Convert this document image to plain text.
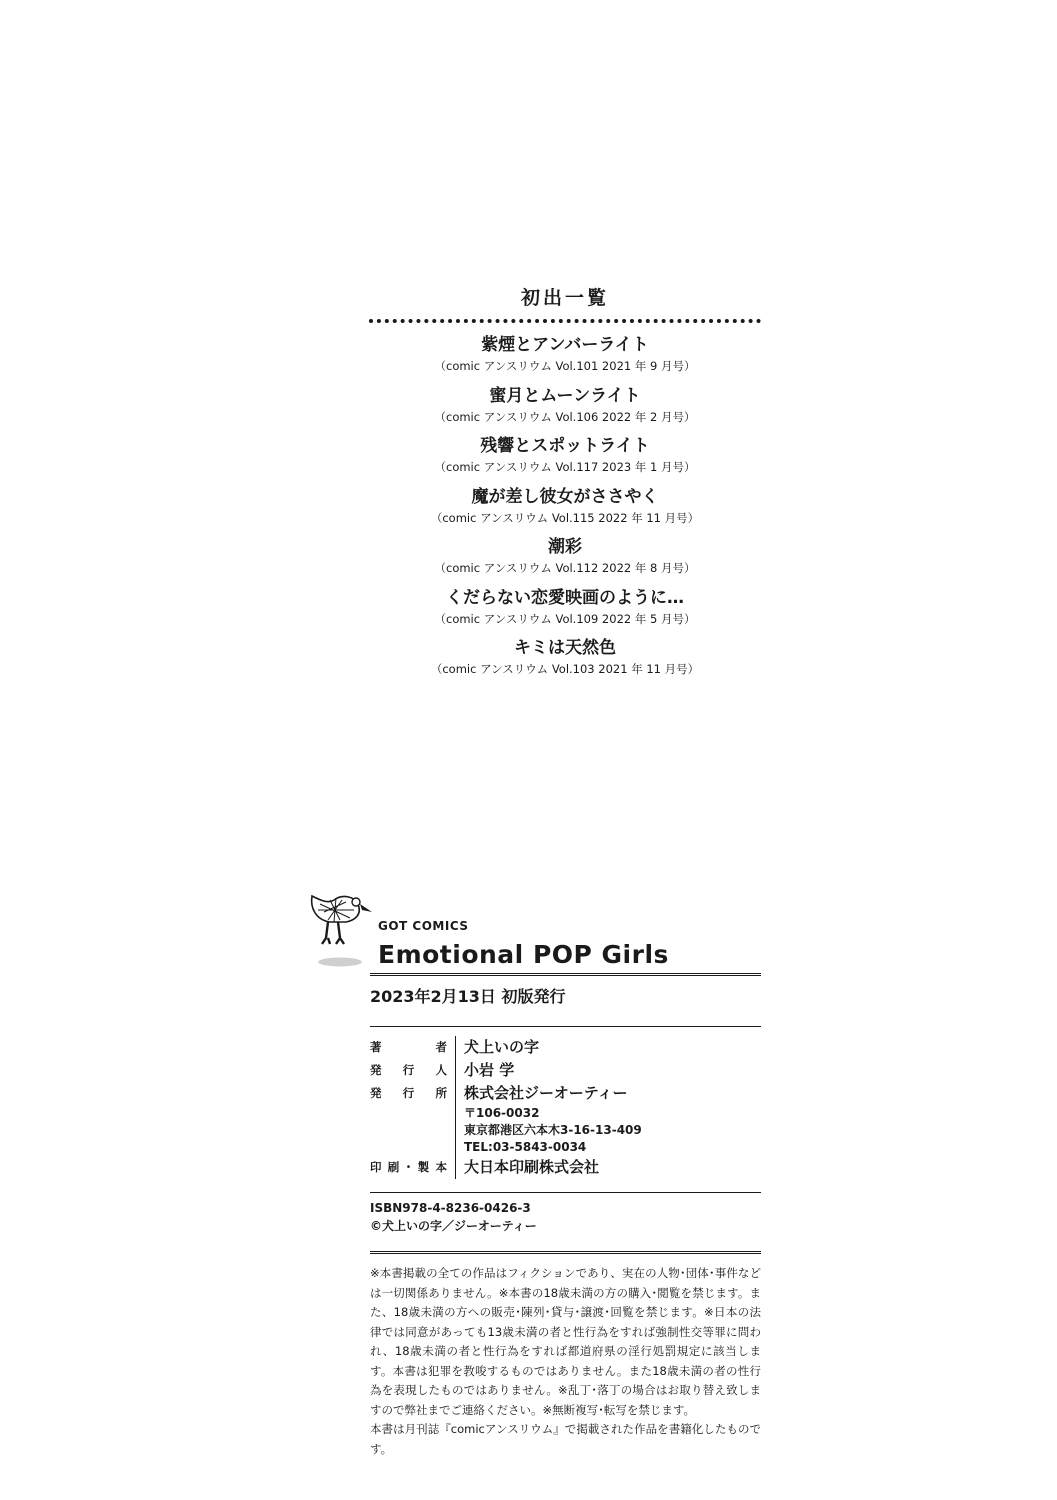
初出一覧
紫煙とアンバーライト
（comic アンスリウム Vol.101 2021 年 9 月号）
蜜月とムーンライト
（comic アンスリウム Vol.106 2022 年 2 月号）
残響とスポットライト
（comic アンスリウム Vol.117 2023 年 1 月号）
魔が差し彼女がささやく
（comic アンスリウム Vol.115 2022 年 11 月号）
潮彩
（comic アンスリウム Vol.112 2022 年 8 月号）
くだらない恋愛映画のように…
（comic アンスリウム Vol.109 2022 年 5 月号）
キミは天然色
（comic アンスリウム Vol.103 2021 年 11 月号）
GOT COMICS
Emotional POP Girls
2023年2月13日 初版発行
著者	犬上いの字
発行人	小岩 学
発行所	株式会社ジーオーティー
〒106-0032
東京都港区六本木3-16-13-409
TEL:03-5843-0034
印刷･製本	大日本印刷株式会社
ISBN978-4-8236-0426-3
©犬上いの字／ジーオーティー

※本書掲載の全ての作品はフィクションであり、実在の人物･団体･事件などは一切関係ありません。※本書の18歳未満の方の購入･閲覧を禁じます。また、18歳未満の方への販売･陳列･貸与･譲渡･回覧を禁じます。※日本の法律では同意があっても13歳未満の者と性行為をすれば強制性交等罪に問われ、18歳未満の者と性行為をすれば都道府県の淫行処罰規定に該当します。本書は犯罪を教唆するものではありません。また18歳未満の者の性行為を表現したものではありません。※乱丁･落丁の場合はお取り替え致しますので弊社までご連絡ください。※無断複写･転写を禁じます。

本書は月刊誌『comicアンスリウム』で掲載された作品を書籍化したものです。
